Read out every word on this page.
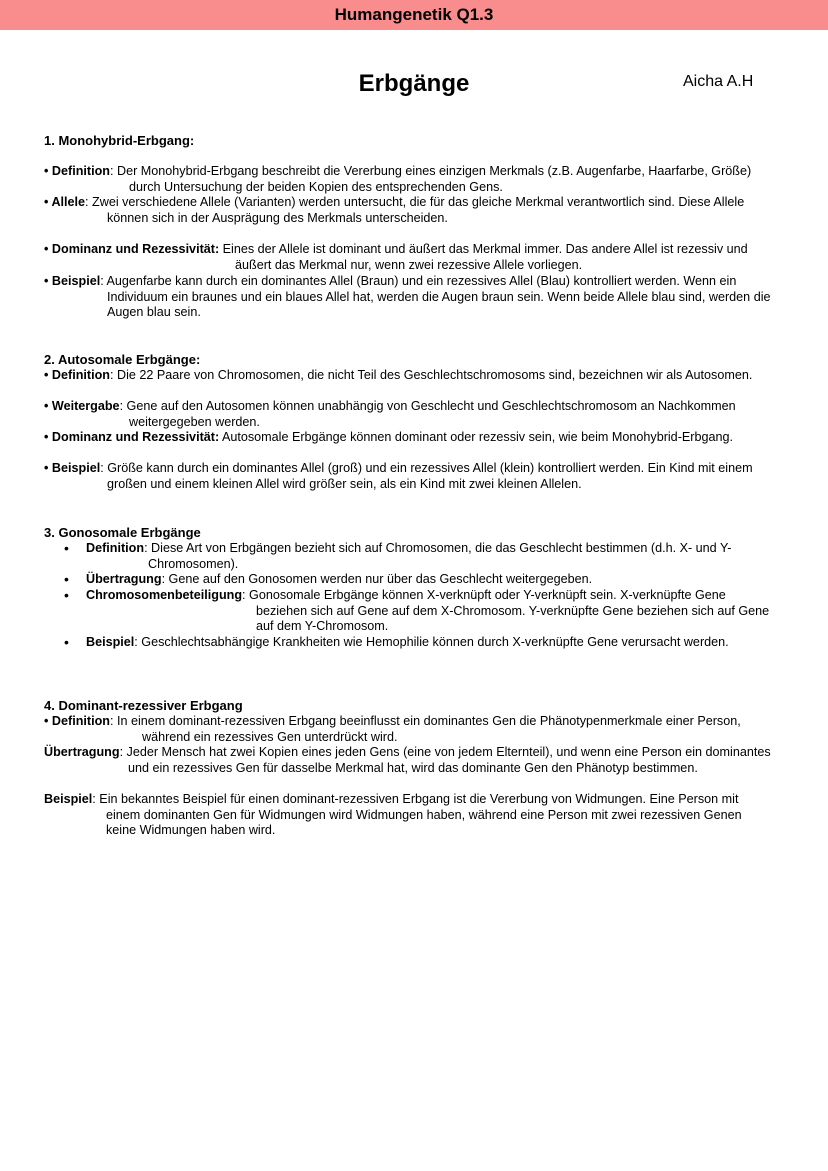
Humangenetik Q1.3
Erbgänge	Aicha A.H
1. Monohybrid-Erbgang:

• Definition: Der Monohybrid-Erbgang beschreibt die Vererbung eines einzigen Merkmals (z.B. Augenfarbe, Haarfarbe, Größe) durch Untersuchung der beiden Kopien des entsprechenden Gens.

• Allele: Zwei verschiedene Allele (Varianten) werden untersucht, die für das gleiche Merkmal verantwortlich sind. Diese Allele können sich in der Ausprägung des Merkmals unterscheiden.

• Dominanz und Rezessivität: Eines der Allele ist dominant und äußert das Merkmal immer. Das andere Allel ist rezessiv und äußert das Merkmal nur, wenn zwei rezessive Allele vorliegen.

• Beispiel: Augenfarbe kann durch ein dominantes Allel (Braun) und ein rezessives Allel (Blau) kontrolliert werden. Wenn ein Individuum ein braunes und ein blaues Allel hat, werden die Augen braun sein. Wenn beide Allele blau sind, werden die Augen blau sein.

2. Autosomale Erbgänge:

• Definition: Die 22 Paare von Chromosomen, die nicht Teil des Geschlechtschromosoms sind, bezeichnen wir als Autosomen.

• Weitergabe: Gene auf den Autosomen können unabhängig von Geschlecht und Geschlechtschromosom an Nachkommen weitergegeben werden.

• Dominanz und Rezessivität: Autosomale Erbgänge können dominant oder rezessiv sein, wie beim Monohybrid-Erbgang.

• Beispiel: Größe kann durch ein dominantes Allel (groß) und ein rezessives Allel (klein) kontrolliert werden. Ein Kind mit einem großen und einem kleinen Allel wird größer sein, als ein Kind mit zwei kleinen Allelen.

3. Gonosomale Erbgänge
• Definition: Diese Art von Erbgängen bezieht sich auf Chromosomen, die das Geschlecht bestimmen (d.h. X- und Y-Chromosomen).

• Übertragung: Gene auf den Gonosomen werden nur über das Geschlecht weitergegeben.

• Chromosomenbeteiligung: Gonosomale Erbgänge können X-verknüpft oder Y-verknüpft sein. X-verknüpfte Gene beziehen sich auf Gene auf dem X-Chromosom. Y-verknüpfte Gene beziehen sich auf Gene auf dem Y-Chromosom.

• Beispiel: Geschlechtsabhängige Krankheiten wie Hemophilie können durch X-verknüpfte Gene verursacht werden.

4. Dominant-rezessiver Erbgang

• Definition: In einem dominant-rezessiven Erbgang beeinflusst ein dominantes Gen die Phänotypenmerkmale einer Person, während ein rezessives Gen unterdrückt wird.

Übertragung: Jeder Mensch hat zwei Kopien eines jeden Gens (eine von jedem Elternteil), und wenn eine Person ein dominantes und ein rezessives Gen für dasselbe Merkmal hat, wird das dominante Gen den Phänotyp bestimmen.

Beispiel: Ein bekanntes Beispiel für einen dominant-rezessiven Erbgang ist die Vererbung von Widmungen. Eine Person mit einem dominanten Gen für Widmungen wird Widmungen haben, während eine Person mit zwei rezessiven Genen keine Widmungen haben wird.
